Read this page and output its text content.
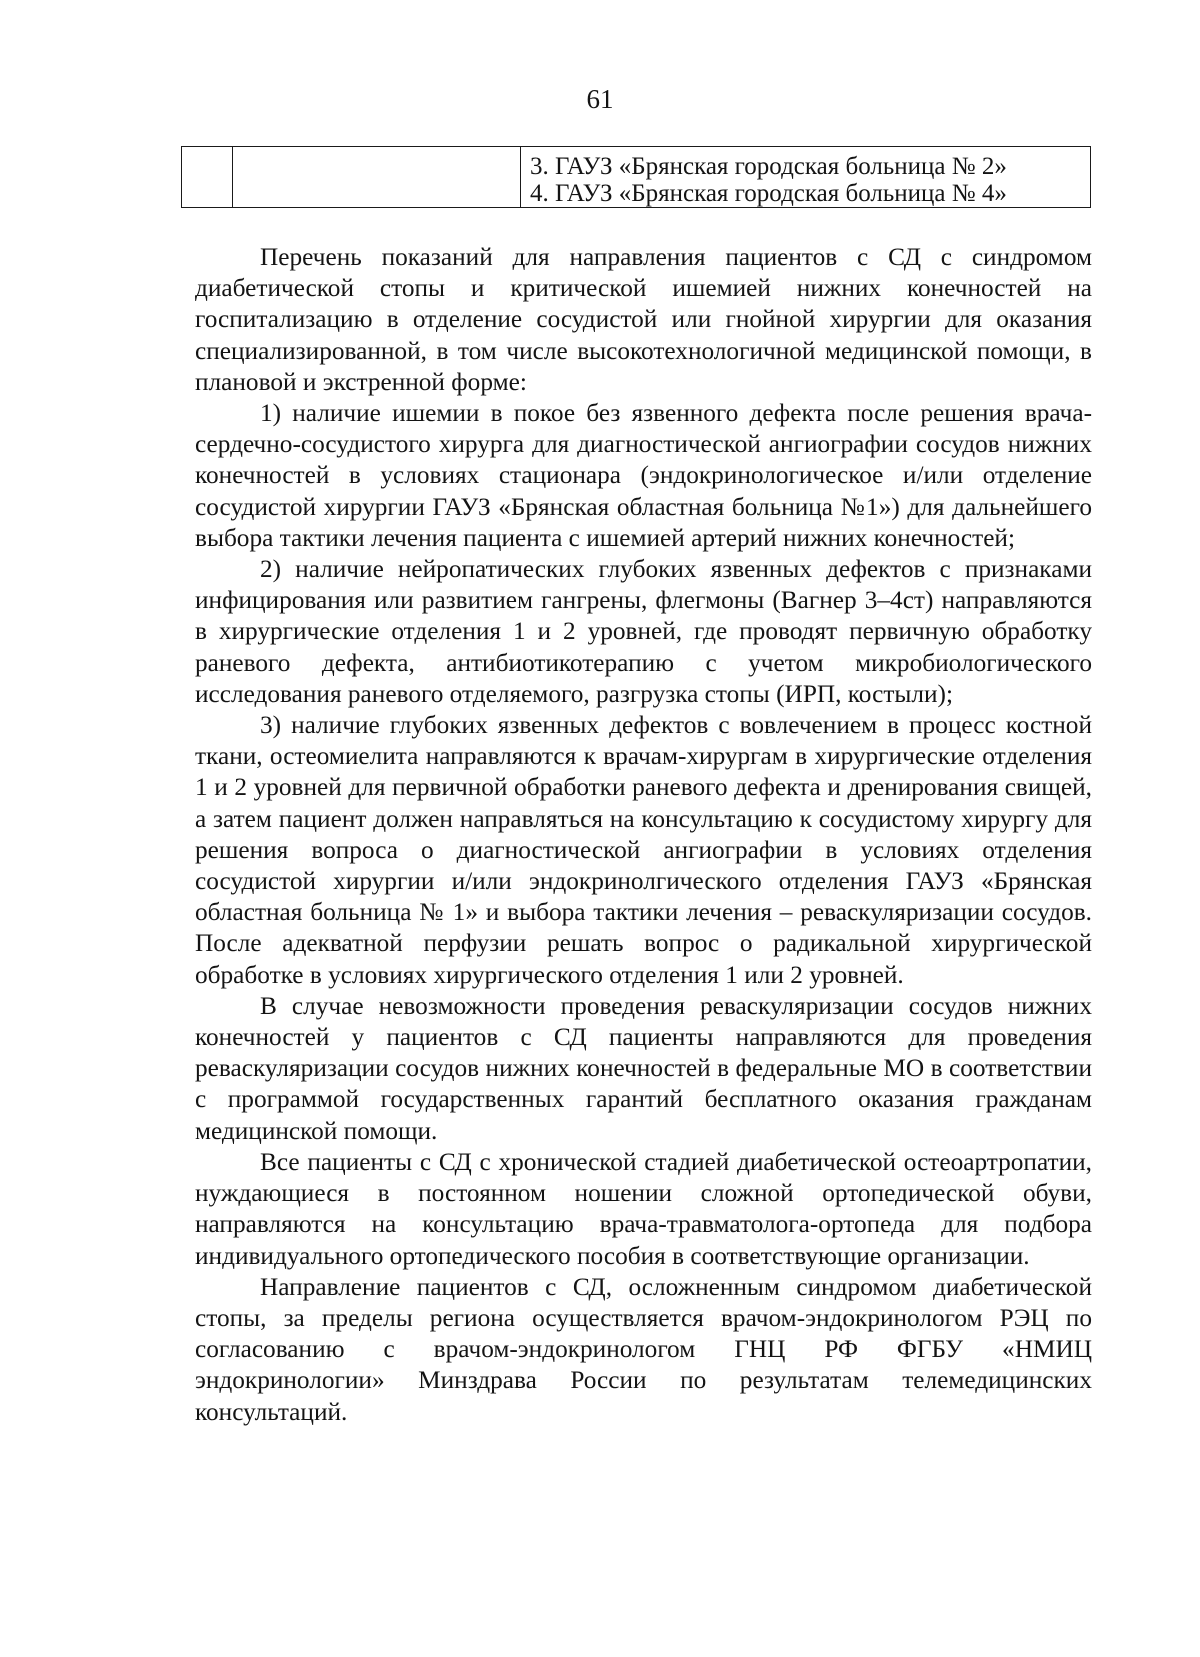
61

3. ГАУЗ «Брянская городская больница № 2»
4. ГАУЗ «Брянская городская больница № 4»

Перечень показаний для направления пациентов с СД с синдромом диабетической стопы и критической ишемией нижних конечностей на госпитализацию в отделение сосудистой или гнойной хирургии для оказания специализированной, в том числе высокотехнологичной медицинской помощи, в плановой и экстренной форме:

1) наличие ишемии в покое без язвенного дефекта после решения врача-сердечно-сосудистого хирурга для диагностической ангиографии сосудов нижних конечностей в условиях стационара (эндокринологическое и/или отделение сосудистой хирургии ГАУЗ «Брянская областная больница №1») для дальнейшего выбора тактики лечения пациента с ишемией артерий нижних конечностей;

2) наличие нейропатических глубоких язвенных дефектов с признаками инфицирования или развитием гангрены, флегмоны (Вагнер 3–4ст) направляются в хирургические отделения 1 и 2 уровней, где проводят первичную обработку раневого дефекта, антибиотикотерапию с учетом микробиологического исследования раневого отделяемого, разгрузка стопы (ИРП, костыли);

3) наличие глубоких язвенных дефектов с вовлечением в процесс костной ткани, остеомиелита направляются к врачам-хирургам в хирургические отделения 1 и 2 уровней для первичной обработки раневого дефекта и дренирования свищей, а затем пациент должен направляться на консультацию к сосудистому хирургу для решения вопроса о диагностической ангиографии в условиях отделения сосудистой хирургии и/или эндокринолгического отделения ГАУЗ «Брянская областная больница № 1» и выбора тактики лечения – реваскуляризации сосудов. После адекватной перфузии решать вопрос о радикальной хирургической обработке в условиях хирургического отделения 1 или 2 уровней.

В случае невозможности проведения реваскуляризации сосудов нижних конечностей у пациентов с СД пациенты направляются для проведения реваскуляризации сосудов нижних конечностей в федеральные МО в соответствии с программой государственных гарантий бесплатного оказания гражданам медицинской помощи.

Все пациенты с СД с хронической стадией диабетической остеоартропатии, нуждающиеся в постоянном ношении сложной ортопедической обуви, направляются на консультацию врача-травматолога-ортопеда для подбора индивидуального ортопедического пособия в соответствующие организации.

Направление пациентов с СД, осложненным синдромом диабетической стопы, за пределы региона осуществляется врачом-эндокринологом РЭЦ по согласованию с врачом-эндокринологом ГНЦ РФ ФГБУ «НМИЦ эндокринологии» Минздрава России по результатам телемедицинских консультаций.
